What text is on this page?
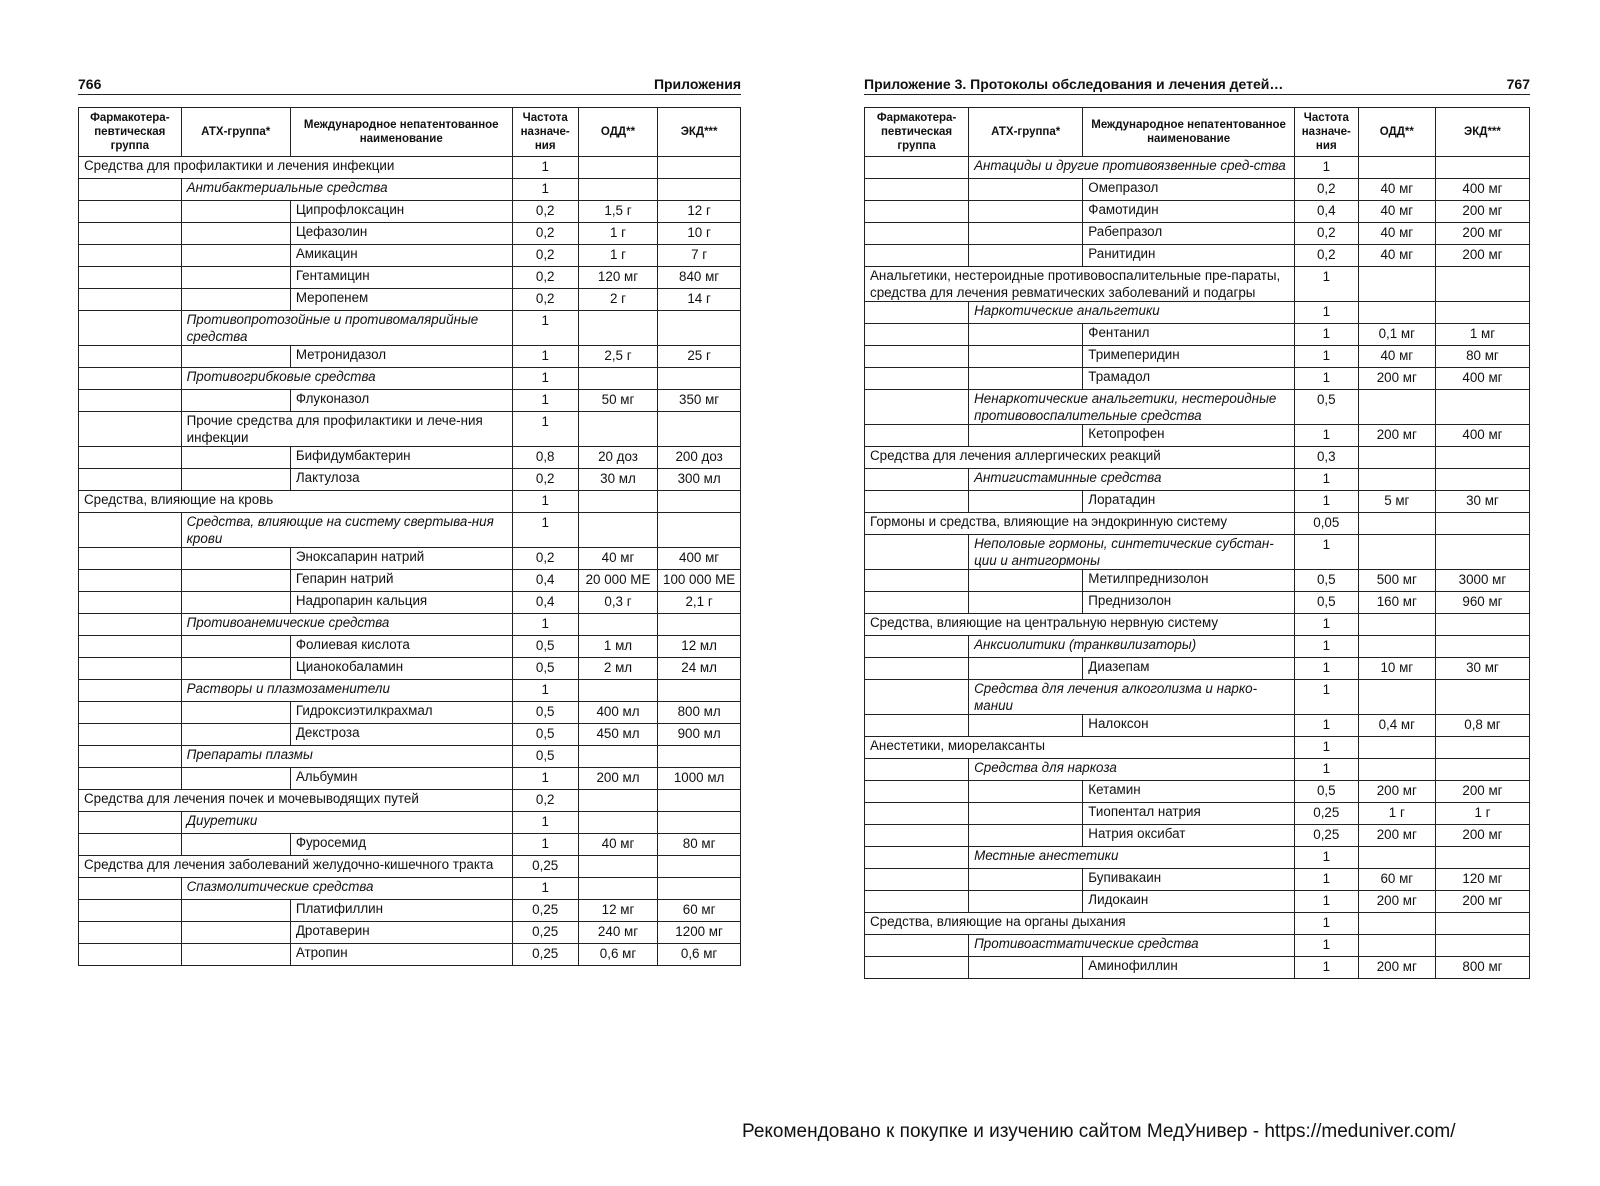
766	Приложения
Фармакотера-певтическая группа	АТХ-группа*	Международное непатентованное наименование	Частота назначе-ния	ОДД**	ЭКД***
Средства для профилактики и лечения инфекции			1		
	Антибактериальные средства		1		
		Ципрофлоксацин	0,2	1,5 г	12 г
		Цефазолин	0,2	1 г	10 г
		Амикацин	0,2	1 г	7 г
		Гентамицин	0,2	120 мг	840 мг
		Меропенем	0,2	2 г	14 г
	Противопротозойные и противомалярийные средства		1		
		Метронидазол	1	2,5 г	25 г
	Противогрибковые средства		1		
		Флуконазол	1	50 мг	350 мг
	Прочие средства для профилактики и лече-ния инфекции		1		
		Бифидумбактерин	0,8	20 доз	200 доз
		Лактулоза	0,2	30 мл	300 мл
Средства, влияющие на кровь			1		
	Средства, влияющие на систему свертыва-ния крови		1		
		Эноксапарин натрий	0,2	40 мг	400 мг
		Гепарин натрий	0,4	20 000 МЕ	100 000 МЕ
		Надропарин кальция	0,4	0,3 г	2,1 г
	Противоанемические средства		1		
		Фолиевая кислота	0,5	1 мл	12 мл
		Цианокобаламин	0,5	2 мл	24 мл
	Растворы и плазмозаменители		1		
		Гидроксиэтилкрахмал	0,5	400 мл	800 мл
		Декстроза	0,5	450 мл	900 мл
	Препараты плазмы		0,5		
		Альбумин	1	200 мл	1000 мл
Средства для лечения почек и мочевыводящих путей			0,2		
	Диуретики		1		
		Фуросемид	1	40 мг	80 мг
Средства для лечения заболеваний желудочно-кишечного тракта			0,25		
	Спазмолитические средства		1		
		Платифиллин	0,25	12 мг	60 мг
		Дротаверин	0,25	240 мг	1200 мг
		Атропин	0,25	0,6 мг	0,6 мг
Приложение 3. Протоколы обследования и лечения детей…	767
Фармакотера-певтическая группа	АТХ-группа*	Международное непатентованное наименование	Частота назначе-ния	ОДД**	ЭКД***
	Антациды и другие противоязвенные сред-ства		1		
		Омепразол	0,2	40 мг	400 мг
		Фамотидин	0,4	40 мг	200 мг
		Рабепразол	0,2	40 мг	200 мг
		Ранитидин	0,2	40 мг	200 мг
Анальгетики, нестероидные противовоспалительные пре-параты, средства для лечения ревматических заболеваний и подагры			1		
	Наркотические анальгетики		1		
		Фентанил	1	0,1 мг	1 мг
		Тримеперидин	1	40 мг	80 мг
		Трамадол	1	200 мг	400 мг
	Ненаркотические анальгетики, нестероидные противовоспалительные средства		0,5		
		Кетопрофен	1	200 мг	400 мг
Средства для лечения аллергических реакций			0,3		
	Антигистаминные средства		1		
		Лоратадин	1	5 мг	30 мг
Гормоны и средства, влияющие на эндокринную систему			0,05		
	Неполовые гормоны, синтетические субстан-ции и антигормоны		1		
		Метилпреднизолон	0,5	500 мг	3000 мг
		Преднизолон	0,5	160 мг	960 мг
Средства, влияющие на центральную нервную систему			1		
	Анксиолитики (транквилизаторы)		1		
		Диазепам	1	10 мг	30 мг
	Средства для лечения алкоголизма и нарко-мании		1		
		Налоксон	1	0,4 мг	0,8 мг
Анестетики, миорелаксанты			1		
	Средства для наркоза		1		
		Кетамин	0,5	200 мг	200 мг
		Тиопентал натрия	0,25	1 г	1 г
		Натрия оксибат	0,25	200 мг	200 мг
	Местные анестетики		1		
		Бупивакаин	1	60 мг	120 мг
		Лидокаин	1	200 мг	200 мг
Средства, влияющие на органы дыхания			1		
	Противоастматические средства		1		
		Аминофиллин	1	200 мг	800 мг
Рекомендовано к покупке и изучению сайтом МедУнивер - https://meduniver.com/
